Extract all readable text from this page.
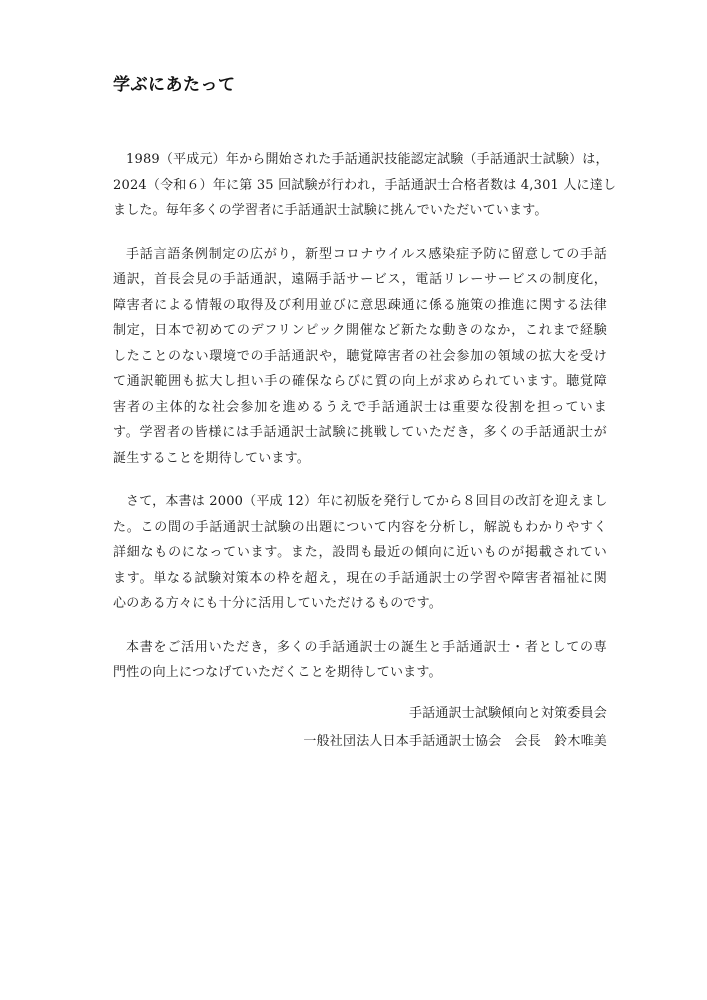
学ぶにあたって

1989（平成元）年から開始された手話通訳技能認定試験（手話通訳士試験）は，
2024（令和６）年に第 35 回試験が行われ，手話通訳士合格者数は 4,301 人に達し
ました。毎年多くの学習者に手話通訳士試験に挑んでいただいています。

手話言語条例制定の広がり，新型コロナウイルス感染症予防に留意しての手話
通訳，首長会見の手話通訳，遠隔手話サービス，電話リレーサービスの制度化，
障害者による情報の取得及び利用並びに意思疎通に係る施策の推進に関する法律
制定，日本で初めてのデフリンピック開催など新たな動きのなか，これまで経験
したことのない環境での手話通訳や，聴覚障害者の社会参加の領域の拡大を受け
て通訳範囲も拡大し担い手の確保ならびに質の向上が求められています。聴覚障
害者の主体的な社会参加を進めるうえで手話通訳士は重要な役割を担っていま
す。学習者の皆様には手話通訳士試験に挑戦していただき，多くの手話通訳士が
誕生することを期待しています。

さて，本書は 2000（平成 12）年に初版を発行してから８回目の改訂を迎えまし
た。この間の手話通訳士試験の出題について内容を分析し，解説もわかりやすく
詳細なものになっています。また，設問も最近の傾向に近いものが掲載されてい
ます。単なる試験対策本の枠を超え，現在の手話通訳士の学習や障害者福祉に関
心のある方々にも十分に活用していただけるものです。

本書をご活用いただき，多くの手話通訳士の誕生と手話通訳士・者としての専
門性の向上につなげていただくことを期待しています。

手話通訳士試験傾向と対策委員会
一般社団法人日本手話通訳士協会　会長　鈴木唯美
